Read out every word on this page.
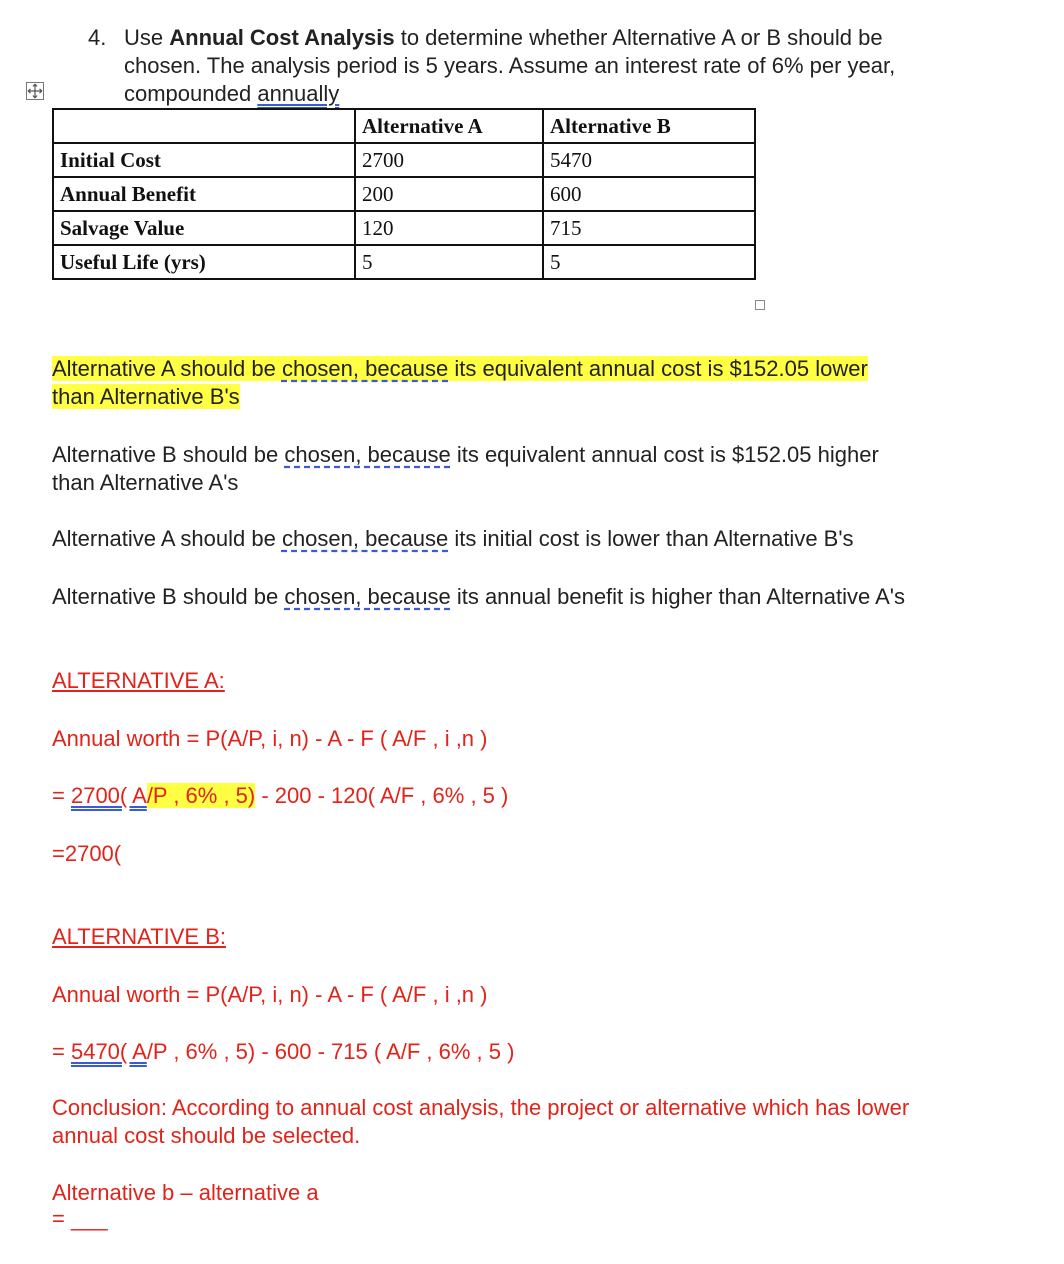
4. Use Annual Cost Analysis to determine whether Alternative A or B should be
chosen. The analysis period is 5 years. Assume an interest rate of 6% per year,
compounded annually
	Alternative A	Alternative B
Initial Cost	2700	5470
Annual Benefit	200	600
Salvage Value	120	715
Useful Life (yrs)	5	5
Alternative A should be chosen, because its equivalent annual cost is $152.05 lower
than Alternative B's
Alternative B should be chosen, because its equivalent annual cost is $152.05 higher
than Alternative A's
Alternative A should be chosen, because its initial cost is lower than Alternative B's
Alternative B should be chosen, because its annual benefit is higher than Alternative A's
ALTERNATIVE A:
Annual worth = P(A/P, i, n) - A - F ( A/F , i ,n )
= 2700( A/P , 6% , 5) - 200 - 120( A/F , 6% , 5 )
=2700(
ALTERNATIVE B:
Annual worth = P(A/P, i, n) - A - F ( A/F , i ,n )
= 5470( A/P , 6% , 5) - 600 - 715 ( A/F , 6% , 5 )
Conclusion: According to annual cost analysis, the project or alternative which has lower
annual cost should be selected.
Alternative b – alternative a
= ___
